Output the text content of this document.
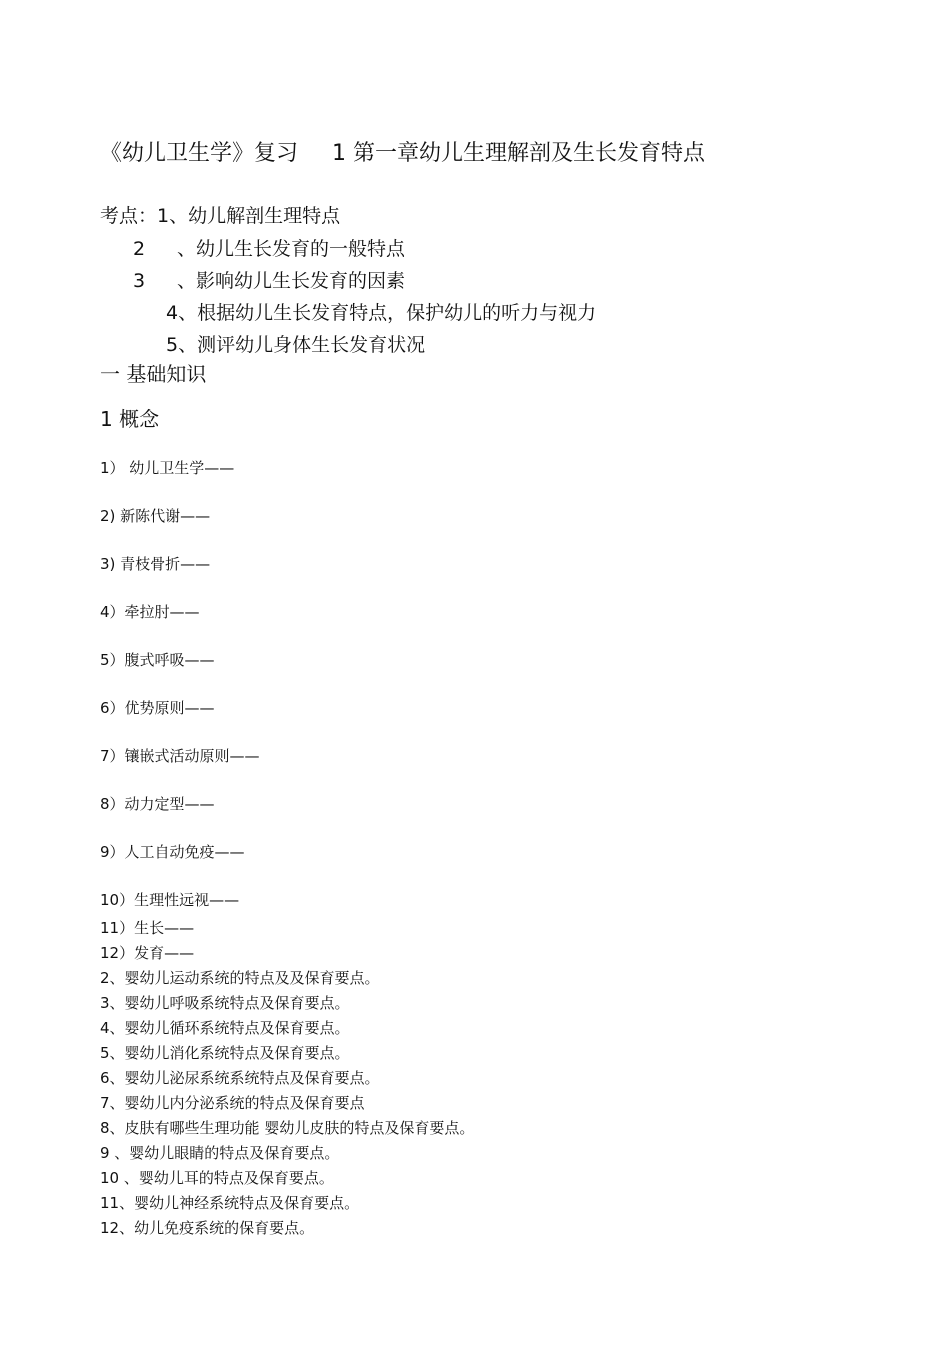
《幼儿卫生学》复习 1 第一章幼儿生理解剖及生长发育特点
考点：1、幼儿解剖生理特点
2 、幼儿生长发育的一般特点
3 、影响幼儿生长发育的因素
4、根据幼儿生长发育特点，保护幼儿的听力与视力
5、测评幼儿身体生长发育状况
一 基础知识
1 概念
1） 幼儿卫生学——
2) 新陈代谢——
3) 青枝骨折——
4）牵拉肘——
5）腹式呼吸——
6）优势原则——
7）镶嵌式活动原则——
8）动力定型——
9）人工自动免疫——
10）生理性远视——
11）生长——
12）发育——
2、婴幼儿运动系统的特点及及保育要点。
3、婴幼儿呼吸系统特点及保育要点。
4、婴幼儿循环系统特点及保育要点。
5、婴幼儿消化系统特点及保育要点。
6、婴幼儿泌尿系统系统特点及保育要点。
7、婴幼儿内分泌系统的特点及保育要点
8、皮肤有哪些生理功能 婴幼儿皮肤的特点及保育要点。
9 、婴幼儿眼睛的特点及保育要点。
10 、婴幼儿耳的特点及保育要点。
11、婴幼儿神经系统特点及保育要点。
12、幼儿免疫系统的保育要点。
